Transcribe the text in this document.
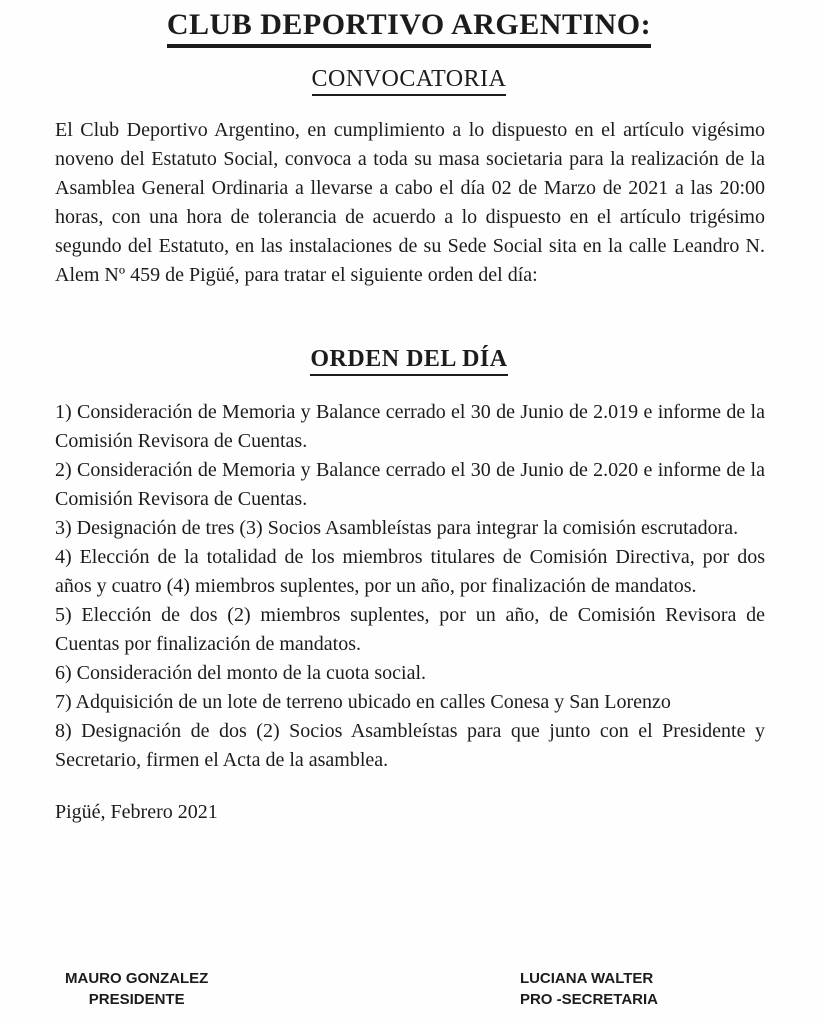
CLUB DEPORTIVO ARGENTINO:
CONVOCATORIA

El Club Deportivo Argentino, en cumplimiento a lo dispuesto en el artículo vigésimo noveno del Estatuto Social, convoca a toda su masa societaria para la realización de la Asamblea General Ordinaria a llevarse a cabo el día 02 de Marzo de 2021 a las 20:00 horas, con una hora de tolerancia de acuerdo a lo dispuesto en el artículo trigésimo segundo del Estatuto, en las instalaciones de su Sede Social sita en la calle Leandro N. Alem Nº 459 de Pigüé, para tratar el siguiente orden del día:

ORDEN DEL DÍA

1) Consideración de Memoria y Balance cerrado el 30 de Junio de 2.019 e informe de la Comisión Revisora de Cuentas.

2) Consideración de Memoria y Balance cerrado el 30 de Junio de 2.020 e informe de la Comisión Revisora de Cuentas.

3) Designación de tres (3) Socios Asambleístas para integrar la comisión escrutadora.

4) Elección de la totalidad de los miembros titulares de Comisión Directiva, por dos años y cuatro (4) miembros suplentes, por un año, por finalización de mandatos.

5) Elección de dos (2) miembros suplentes, por un año, de Comisión Revisora de Cuentas por finalización de mandatos.

6) Consideración del monto de la cuota social.

7) Adquisición de un lote de terreno ubicado en calles Conesa y San Lorenzo

8) Designación de dos (2) Socios Asambleístas para que junto con el Presidente y Secretario, firmen el Acta de la asamblea.

Pigüé, Febrero 2021

MAURO GONZALEZ
PRESIDENTE
LUCIANA WALTER
PRO -SECRETARIA
